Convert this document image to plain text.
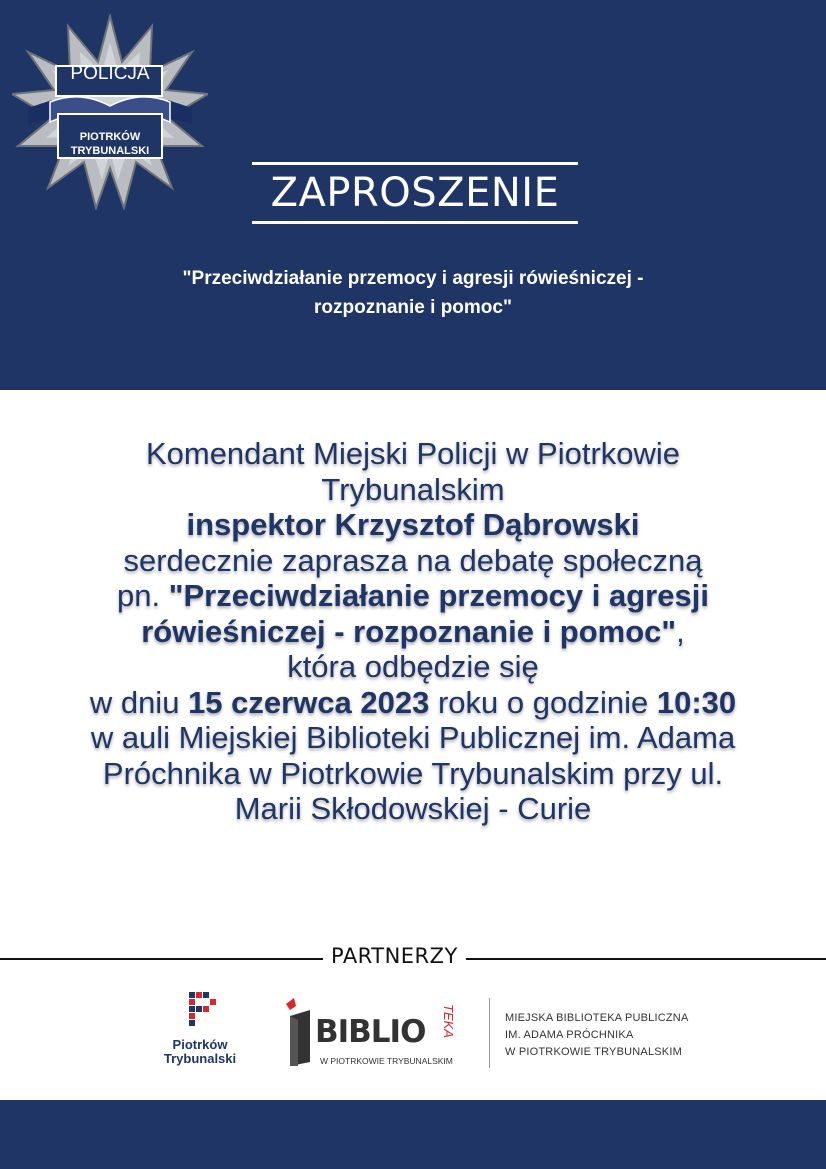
POLICJA
PIOTRKÓW
TRYBUNALSKI
ZAPROSZENIE
"Przeciwdziałanie przemocy i agresji rówieśniczej -
rozpoznanie i pomoc"
Komendant Miejski Policji w Piotrkowie
Trybunalskim
inspektor Krzysztof Dąbrowski
serdecznie zaprasza na debatę społeczną
pn. "Przeciwdziałanie przemocy i agresji
rówieśniczej - rozpoznanie i pomoc",
która odbędzie się
w dniu 15 czerwca 2023 roku o godzinie 10:30
w auli Miejskiej Biblioteki Publicznej im. Adama
Próchnika w Piotrkowie Trybunalskim przy ul.
Marii Skłodowskiej - Curie
PARTNERZY
Piotrków
Trybunalski
BIBLIO TEKA
W PIOTRKOWIE TRYBUNALSKIM
MIEJSKA BIBLIOTEKA PUBLICZNA
IM. ADAMA PRÓCHNIKA
W PIOTRKOWIE TRYBUNALSKIM
